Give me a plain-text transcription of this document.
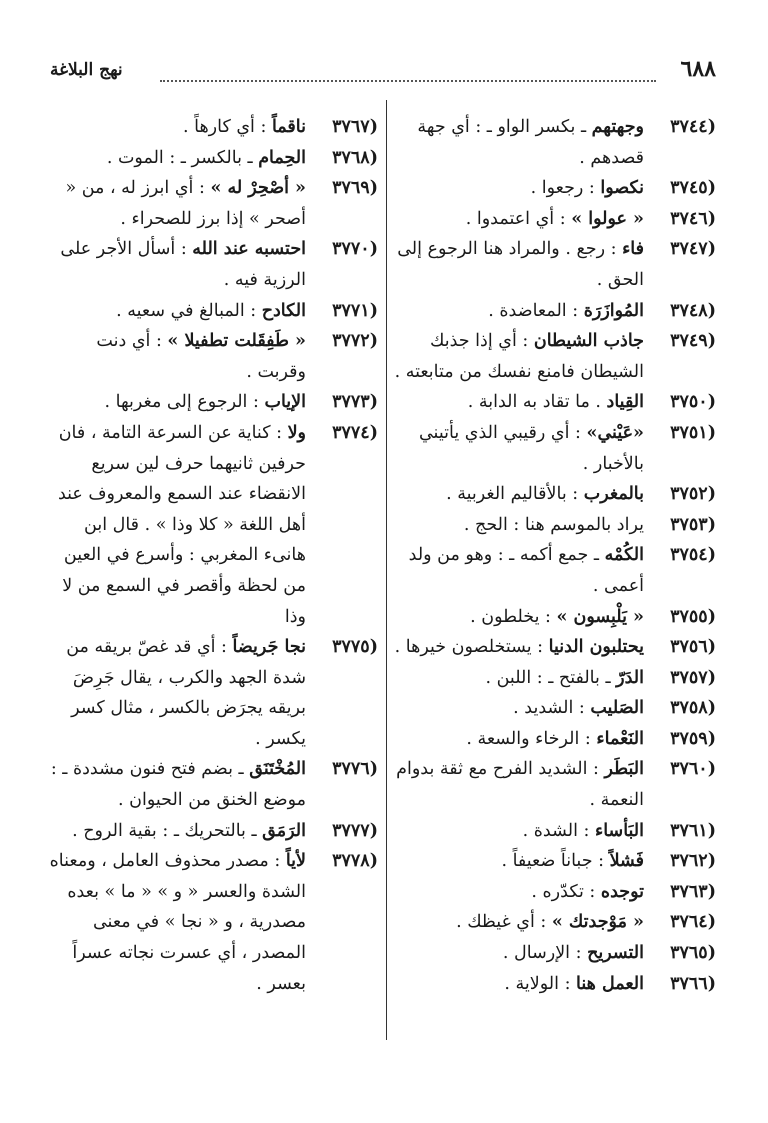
٦٨٨
نهج البلاغة

(٣٧٤٤
وجهتهم ـ بكسر الواو ـ : أي جهة قصدهم .

(٣٧٤٥
نكصوا : رجعوا .

(٣٧٤٦
« عولوا » : أي اعتمدوا .

(٣٧٤٧
فاء : رجع . والمراد هنا الرجوع إلى الحق .

(٣٧٤٨
المُوازَرَة : المعاضدة .

(٣٧٤٩
جاذب الشيطان : أي إذا جذبك الشيطان فامنع نفسك من متابعته .

(٣٧٥٠
القِياد . ما تقاد به الدابة .

(٣٧٥١
«عَيْني» : أي رقيبي الذي يأتيني بالأخبار .

(٣٧٥٢
بالمغرب : بالأقاليم الغربية .

(٣٧٥٣
يراد بالموسم هنا : الحج .

(٣٧٥٤
الكُمْه ـ جمع أكمه ـ : وهو من ولد أعمى .

(٣٧٥٥
« يَلْبِسون » : يخلطون .

(٣٧٥٦
يحتلبون الدنيا : يستخلصون خيرها .

(٣٧٥٧
الدَرّ ـ بالفتح ـ : اللبن .

(٣٧٥٨
الصَليب : الشديد .

(٣٧٥٩
النَعْماء : الرخاء والسعة .

(٣٧٦٠
البَطَر : الشديد الفرح مع ثقة بدوام النعمة .

(٣٧٦١
البَأساء : الشدة .

(٣٧٦٢
فَشلاً : جباناً ضعيفاً .

(٣٧٦٣
توجده : تكدّره .

(٣٧٦٤
« مَوْجدتك » : أي غيظك .

(٣٧٦٥
التسريح : الإرسال .

(٣٧٦٦
العمل هنا : الولاية .

(٣٧٦٧
ناقماً : أي كارهاً .

(٣٧٦٨
الحِمام ـ بالكسر ـ : الموت .

(٣٧٦٩
« أصْحِرْ له » : أي ابرز له ، من « أصحر » إذا برز للصحراء .

(٣٧٧٠
احتسبه عند الله : أسأل الأجر على الرزية فيه .

(٣٧٧١
الكادح : المبالغ في سعيه .

(٣٧٧٢
« طَفِقَلت تطفيلا » : أي دنت وقربت .

(٣٧٧٣
الإياب : الرجوع إلى مغربها .

(٣٧٧٤
ولا : كناية عن السرعة التامة ، فان حرفين ثانيهما حرف لين سريع الانقضاء عند السمع والمعروف عند أهل اللغة « كلا وذا » . قال ابن هانىء المغربي : وأسرع في العين من لحظة وأقصر في السمع من لا وذا

(٣٧٧٥
نجا جَريضاً : أي قد غصّ بريقه من شدة الجهد والكرب ، يقال جَرِضَ بريقه يجرَض بالكسر ، مثال كسر يكسر .

(٣٧٧٦
المُخْتَنَق ـ بضم فتح فنون مشددة ـ : موضع الخنق من الحيوان .

(٣٧٧٧
الرَمَق ـ بالتحريك ـ : بقية الروح .

(٣٧٧٨
لأياً : مصدر محذوف العامل ، ومعناه الشدة والعسر « و » « ما » بعده مصدرية ، و « نجا » في معنى المصدر ، أي عسرت نجاته عسراً بعسر .
